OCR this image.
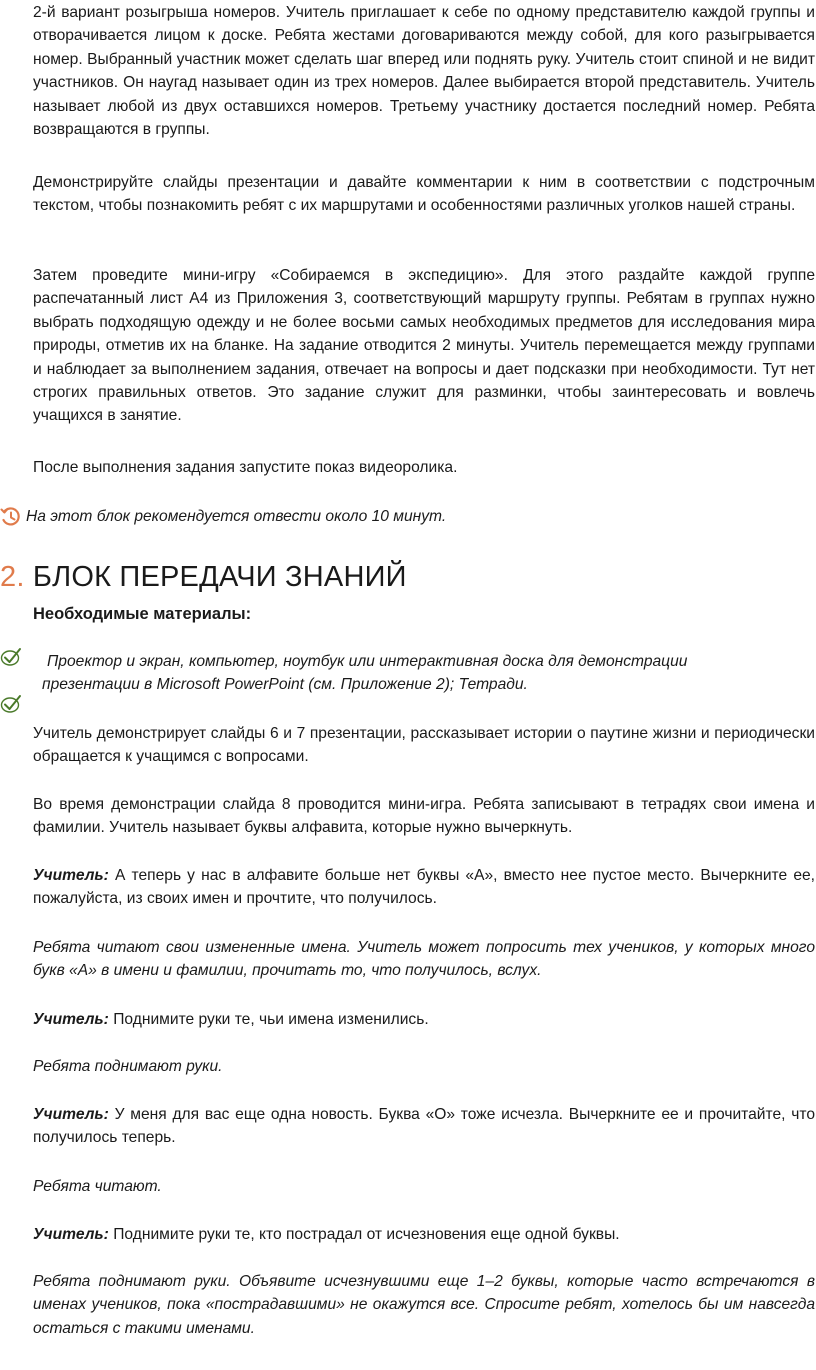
2-й вариант розыгрыша номеров. Учитель приглашает к себе по одному представителю каждой группы и отворачивается лицом к доске. Ребята жестами договариваются между собой, для кого разыгрывается номер. Выбранный участник может сделать шаг вперед или поднять руку. Учитель стоит спиной и не видит участников. Он наугад называет один из трех номеров. Далее выбирается второй представитель. Учитель называет любой из двух оставшихся номеров. Третьему участнику достается последний номер. Ребята возвращаются в группы.

Демонстрируйте слайды презентации и давайте комментарии к ним в соответствии с подстрочным текстом, чтобы познакомить ребят с их маршрутами и особенностями различных уголков нашей страны.

Затем проведите мини-игру «Собираемся в экспедицию». Для этого раздайте каждой группе распечатанный лист А4 из Приложения 3, соответствующий маршруту группы. Ребятам в группах нужно выбрать подходящую одежду и не более восьми самых необходимых предметов для исследования мира природы, отметив их на бланке. На задание отводится 2 минуты. Учитель перемещается между группами и наблюдает за выполнением задания, отвечает на вопросы и дает подсказки при необходимости. Тут нет строгих правильных ответов. Это задание служит для разминки, чтобы заинтересовать и вовлечь учащихся в занятие.

После выполнения задания запустите показ видеоролика.

На этот блок рекомендуется отвести около 10 минут.
2. БЛОК ПЕРЕДАЧИ ЗНАНИЙ
Необходимые материалы:
Проектор и экран, компьютер, ноутбук или интерактивная доска для демонстрации презентации в Microsoft PowerPoint (см. Приложение 2); Тетради.

Учитель демонстрирует слайды 6 и 7 презентации, рассказывает истории о паутине жизни и периодически обращается к учащимся с вопросами.

Во время демонстрации слайда 8 проводится мини-игра. Ребята записывают в тетрадях свои имена и фамилии. Учитель называет буквы алфавита, которые нужно вычеркнуть.

Учитель: А теперь у нас в алфавите больше нет буквы «А», вместо нее пустое место. Вычеркните ее, пожалуйста, из своих имен и прочтите, что получилось.

Ребята читают свои измененные имена. Учитель может попросить тех учеников, у которых много букв «А» в имени и фамилии, прочитать то, что получилось, вслух.

Учитель: Поднимите руки те, чьи имена изменились.

Ребята поднимают руки.

Учитель: У меня для вас еще одна новость. Буква «О» тоже исчезла. Вычеркните ее и прочитайте, что получилось теперь.

Ребята читают.

Учитель: Поднимите руки те, кто пострадал от исчезновения еще одной буквы.

Ребята поднимают руки. Объявите исчезнувшими еще 1–2 буквы, которые часто встречаются в именах учеников, пока «пострадавшими» не окажутся все. Спросите ребят, хотелось бы им навсегда остаться с такими именами.
